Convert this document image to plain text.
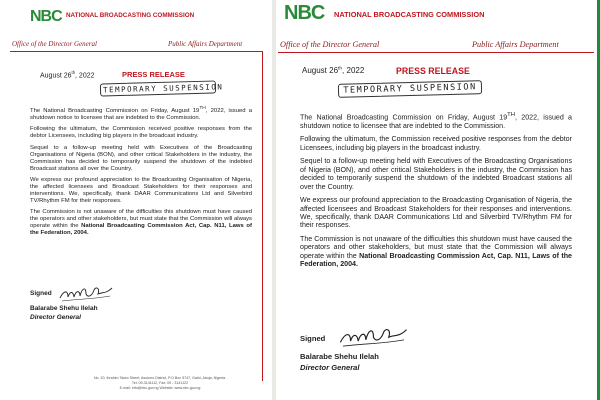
NBC NATIONAL BROADCASTING COMMISSION
Office of the Director General	Public Affairs Department
August 26th, 2022	PRESS RELEASE
TEMPORARY SUSPENSION

The National Broadcasting Commission on Friday, August 19TH, 2022, issued a shutdown notice to licensee that are indebted to the Commission.

Following the ultimatum, the Commission received positive responses from the debtor Licensees, including big players in the broadcast industry.

Sequel to a follow-up meeting held with Executives of the Broadcasting Organisations of Nigeria (BON), and other critical Stakeholders in the industry, the Commission has decided to temporarily suspend the shutdown of the indebted Broadcast stations all over the Country.

We express our profound appreciation to the Broadcasting Organisation of Nigeria, the affected licensees and Broadcast Stakeholders for their responses and interventions. We, specifically, thank DAAR Communications Ltd and Silverbird TV/Rhythm FM for their responses.

The Commission is not unaware of the difficulties this shutdown must have caused the operators and other stakeholders, but must state that the Commission will always operate within the National Broadcasting Commission Act, Cap. N11, Laws of the Federation, 2004.

Signed
Balarabe Shehu Ilelah
Director General
No. 20, Ibrahim Taiwo Street, Asokoro District, P.O.Box 5747, Garki, Abuja, Nigeria.
Tel: 09-3141112, Fax: 09 - 3141122
E-mail: info@nbc.gov.ng Website: www.nbc.gov.ng
NBC NATIONAL BROADCASTING COMMISSION
Office of the Director General	Public Affairs Department
August 26th, 2022	PRESS RELEASE
TEMPORARY SUSPENSION

The National Broadcasting Commission on Friday, August 19TH, 2022, issued a shutdown notice to licensee that are indebted to the Commission.

Following the ultimatum, the Commission received positive responses from the debtor Licensees, including big players in the broadcast industry.

Sequel to a follow-up meeting held with Executives of the Broadcasting Organisations of Nigeria (BON), and other critical Stakeholders in the industry, the Commission has decided to temporarily suspend the shutdown of the indebted Broadcast stations all over the Country.

We express our profound appreciation to the Broadcasting Organisation of Nigeria, the affected licensees and Broadcast Stakeholders for their responses and interventions. We, specifically, thank DAAR Communications Ltd and Silverbird TV/Rhythm FM for their responses.

The Commission is not unaware of the difficulties this shutdown must have caused the operators and other stakeholders, but must state that the Commission will always operate within the National Broadcasting Commission Act, Cap. N11, Laws of the Federation, 2004.

Signed
Balarabe Shehu Ilelah
Director General
